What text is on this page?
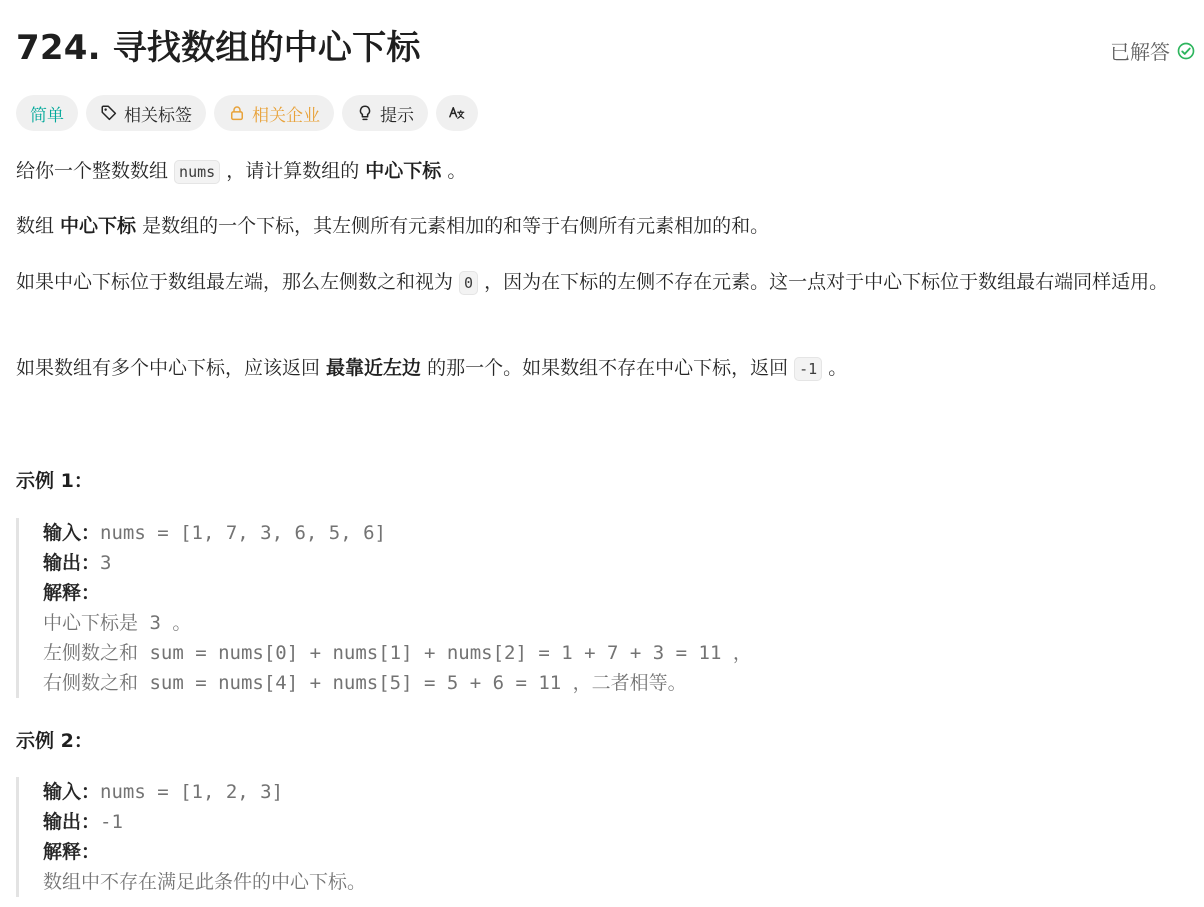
724. 寻找数组的中心下标	已解答
简单	相关标签	相关企业	提示

给你一个整数数组 nums ，请计算数组的 中心下标 。

数组 中心下标 是数组的一个下标，其左侧所有元素相加的和等于右侧所有元素相加的和。

如果中心下标位于数组最左端，那么左侧数之和视为 0 ，因为在下标的左侧不存在元素。这一点对于中心下标位于数组最右端同样适用。

如果数组有多个中心下标，应该返回 最靠近左边 的那一个。如果数组不存在中心下标，返回 -1 。

示例 1：
输入：nums = [1, 7, 3, 6, 5, 6]
输出：3
解释：
中心下标是 3 。
左侧数之和 sum = nums[0] + nums[1] + nums[2] = 1 + 7 + 3 = 11 ，
右侧数之和 sum = nums[4] + nums[5] = 5 + 6 = 11 ，二者相等。
示例 2：
输入：nums = [1, 2, 3]
输出：-1
解释：
数组中不存在满足此条件的中心下标。
